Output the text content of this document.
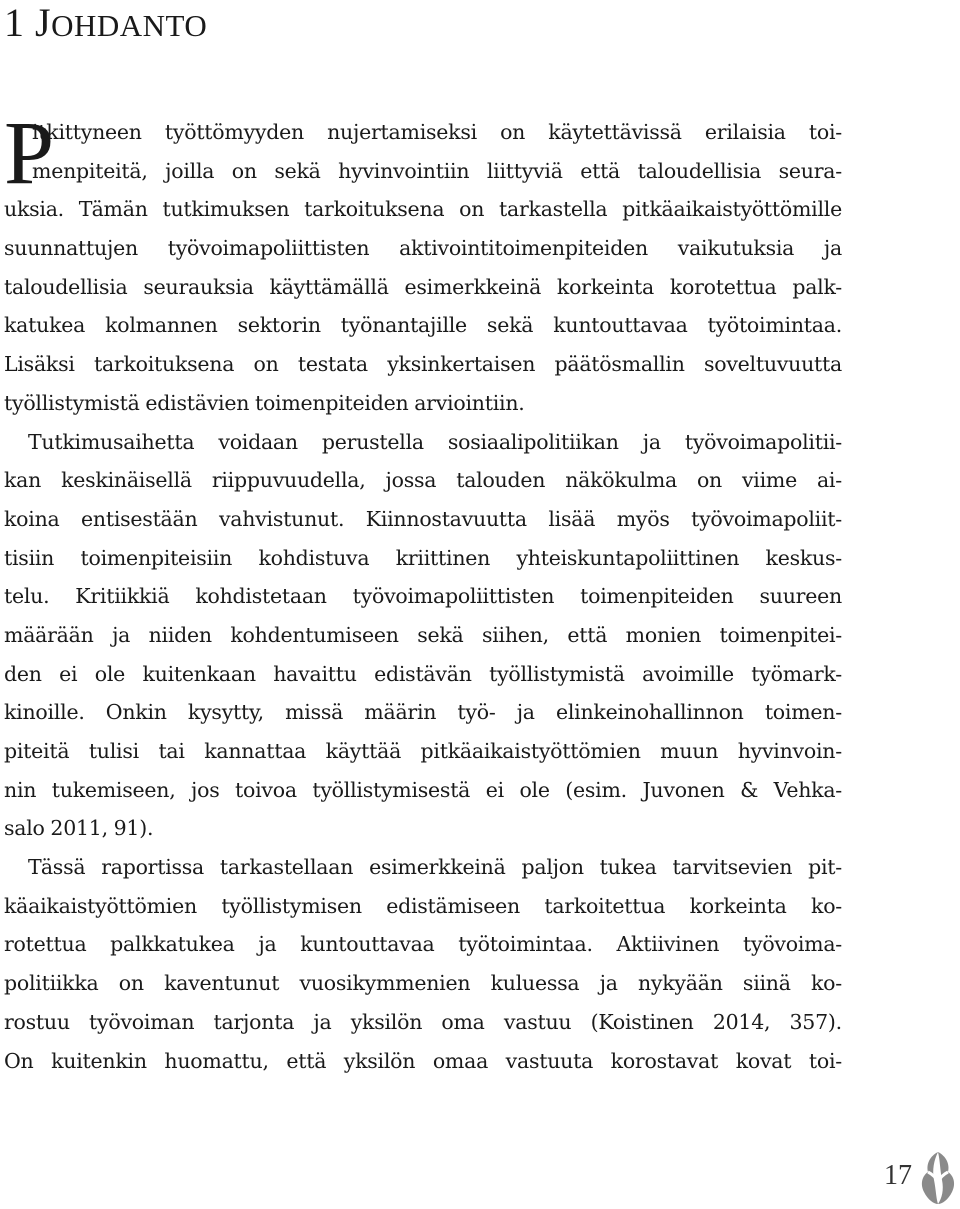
1 JOHDANTO
P
itkittyneen työttömyyden nujertamiseksi on käytettävissä erilaisia toi-
menpiteitä, joilla on sekä hyvinvointiin liittyviä että taloudellisia seura-
uksia. Tämän tutkimuksen tarkoituksena on tarkastella pitkäaikaistyöttömille
suunnattujen työvoimapoliittisten aktivointitoimenpiteiden vaikutuksia ja
taloudellisia seurauksia käyttämällä esimerkkeinä korkeinta korotettua palk-
katukea kolmannen sektorin työnantajille sekä kuntouttavaa työtoimintaa.
Lisäksi tarkoituksena on testata yksinkertaisen päätösmallin soveltuvuutta
työllistymistä edistävien toimenpiteiden arviointiin.
Tutkimusaihetta voidaan perustella sosiaalipolitiikan ja työvoimapolitii-
kan keskinäisellä riippuvuudella, jossa talouden näkökulma on viime ai-
koina entisestään vahvistunut. Kiinnostavuutta lisää myös työvoimapoliit-
tisiin toimenpiteisiin kohdistuva kriittinen yhteiskuntapoliittinen keskus-
telu. Kritiikkiä kohdistetaan työvoimapoliittisten toimenpiteiden suureen
määrään ja niiden kohdentumiseen sekä siihen, että monien toimenpitei-
den ei ole kuitenkaan havaittu edistävän työllistymistä avoimille työmark-
kinoille. Onkin kysytty, missä määrin työ- ja elinkeinohallinnon toimen-
piteitä tulisi tai kannattaa käyttää pitkäaikaistyöttömien muun hyvinvoin-
nin tukemiseen, jos toivoa työllistymisestä ei ole (esim. Juvonen & Vehka-
salo 2011, 91).
Tässä raportissa tarkastellaan esimerkkeinä paljon tukea tarvitsevien pit-
käaikaistyöttömien työllistymisen edistämiseen tarkoitettua korkeinta ko-
rotettua palkkatukea ja kuntouttavaa työtoimintaa. Aktiivinen työvoima-
politiikka on kaventunut vuosikymmenien kuluessa ja nykyään siinä ko-
rostuu työvoiman tarjonta ja yksilön oma vastuu (Koistinen 2014, 357).
On kuitenkin huomattu, että yksilön omaa vastuuta korostavat kovat toi-
17
